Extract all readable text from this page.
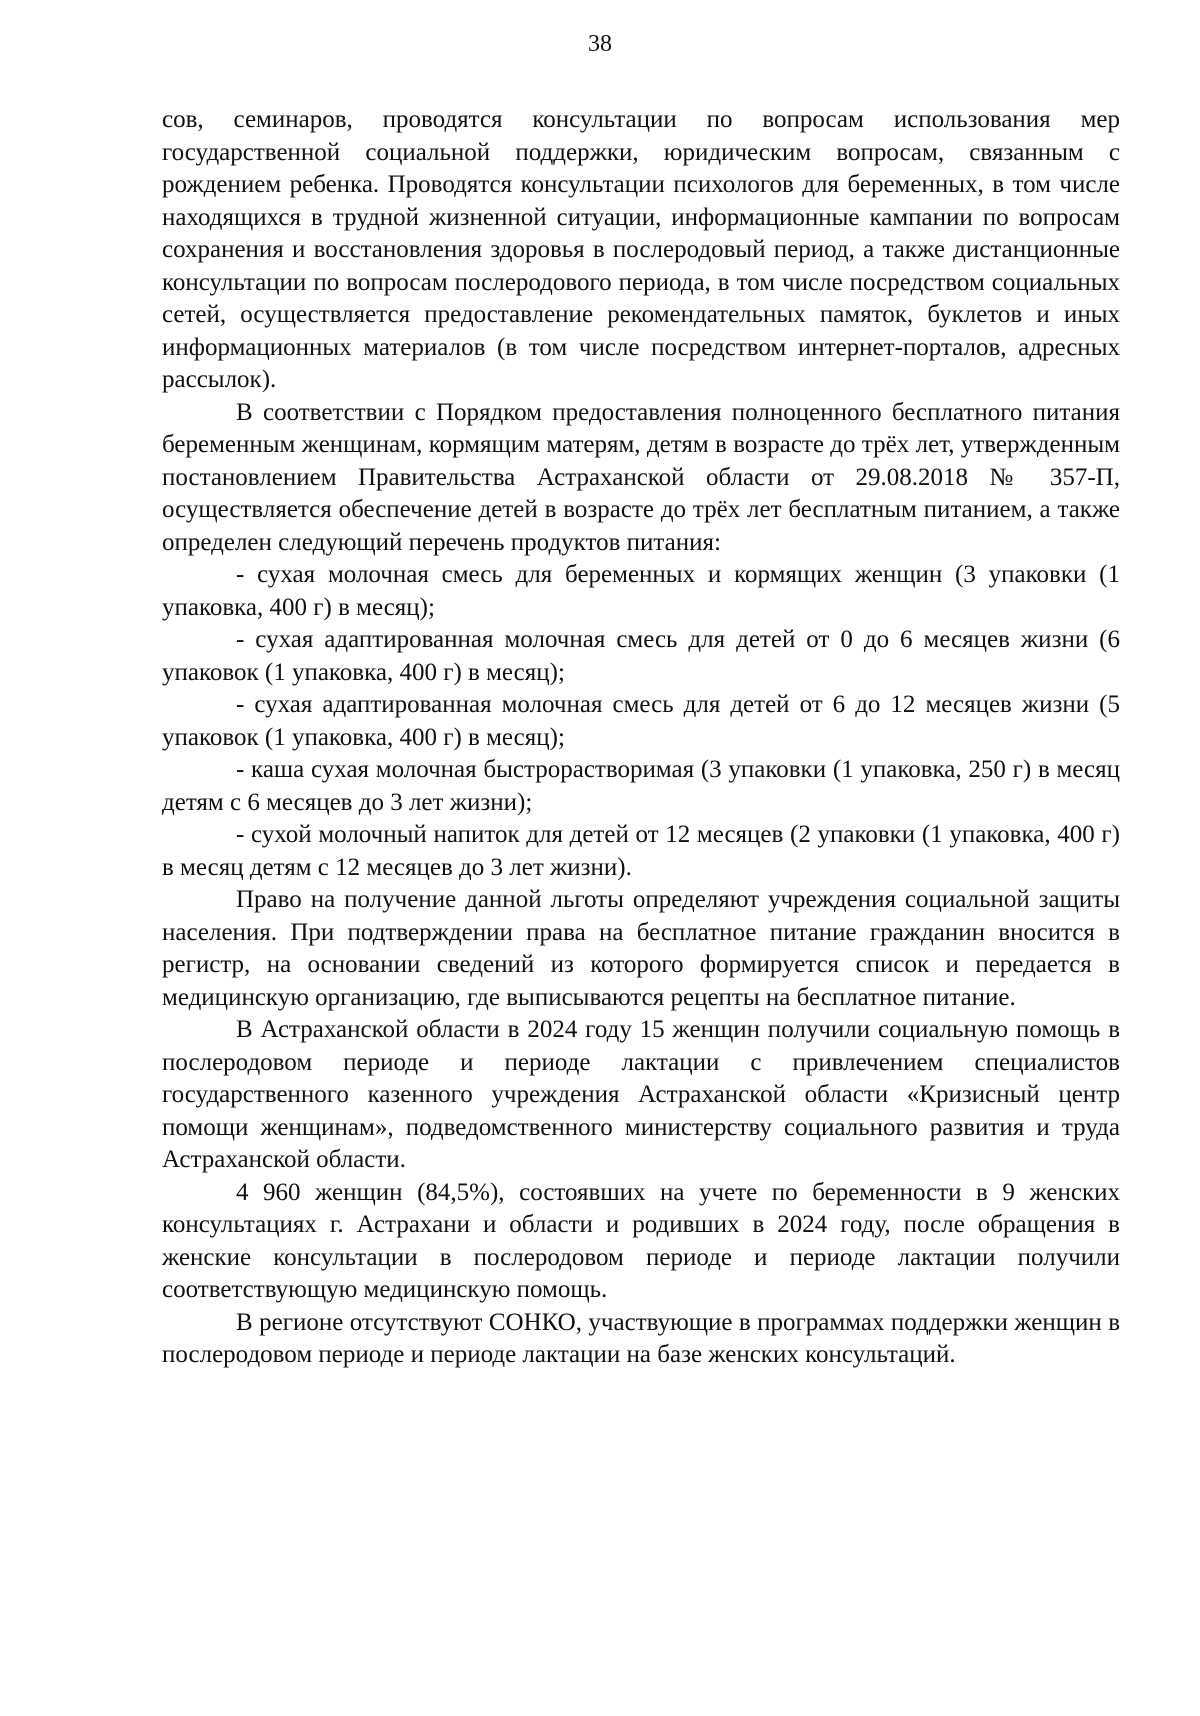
38

сов, семинаров, проводятся консультации по вопросам использования мер государственной социальной поддержки, юридическим вопросам, связанным с рождением ребенка. Проводятся консультации психологов для беременных, в том числе находящихся в трудной жизненной ситуации, информационные кампании по вопросам сохранения и восстановления здоровья в послеродовый период, а также дистанционные консультации по вопросам послеродового периода, в том числе посредством социальных сетей, осуществляется предоставление рекомендательных памяток, буклетов и иных информационных материалов (в том числе посредством интернет-порталов, адресных рассылок).

В соответствии с Порядком предоставления полноценного бесплатного питания беременным женщинам, кормящим матерям, детям в возрасте до трёх лет, утвержденным постановлением Правительства Астраханской области от 29.08.2018 № 357-П, осуществляется обеспечение детей в возрасте до трёх лет бесплатным питанием, а также определен следующий перечень продуктов питания:

- сухая молочная смесь для беременных и кормящих женщин (3 упаковки (1 упаковка, 400 г) в месяц);

- сухая адаптированная молочная смесь для детей от 0 до 6 месяцев жизни (6 упаковок (1 упаковка, 400 г) в месяц);

- сухая адаптированная молочная смесь для детей от 6 до 12 месяцев жизни (5 упаковок (1 упаковка, 400 г) в месяц);

- каша сухая молочная быстрорастворимая (3 упаковки (1 упаковка, 250 г) в месяц детям с 6 месяцев до 3 лет жизни);

- сухой молочный напиток для детей от 12 месяцев (2 упаковки (1 упаковка, 400 г) в месяц детям с 12 месяцев до 3 лет жизни).

Право на получение данной льготы определяют учреждения социальной защиты населения. При подтверждении права на бесплатное питание гражданин вносится в регистр, на основании сведений из которого формируется список и передается в медицинскую организацию, где выписываются рецепты на бесплатное питание.

В Астраханской области в 2024 году 15 женщин получили социальную помощь в послеродовом периоде и периоде лактации с привлечением специалистов государственного казенного учреждения Астраханской области «Кризисный центр помощи женщинам», подведомственного министерству социального развития и труда Астраханской области.

4 960 женщин (84,5%), состоявших на учете по беременности в 9 женских консультациях г. Астрахани и области и родивших в 2024 году, после обращения в женские консультации в послеродовом периоде и периоде лактации получили соответствующую медицинскую помощь.

В регионе отсутствуют СОНКО, участвующие в программах поддержки женщин в послеродовом периоде и периоде лактации на базе женских консультаций.
